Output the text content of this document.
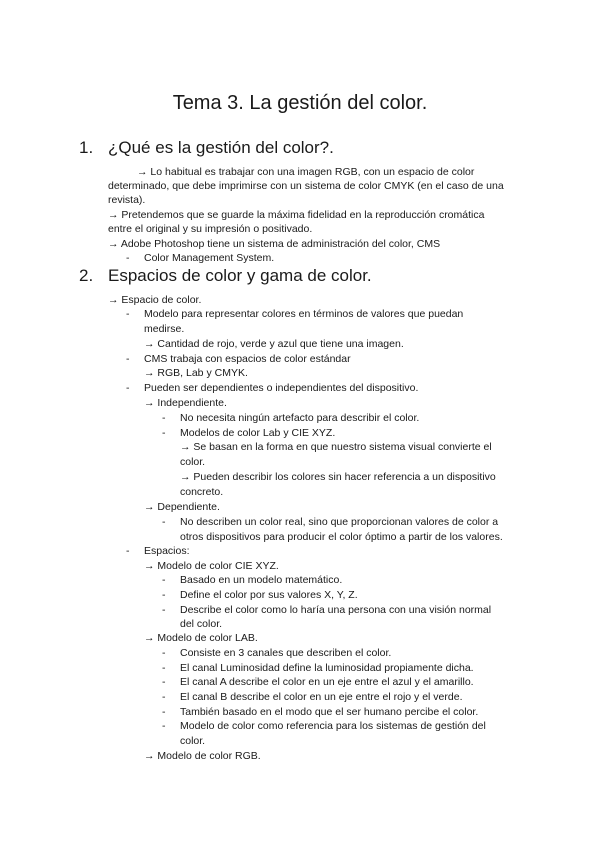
Tema 3. La gestión del color.
1. ¿Qué es la gestión del color?.
→ Lo habitual es trabajar con una imagen RGB, con un espacio de color
determinado, que debe imprimirse con un sistema de color CMYK (en el caso de una
revista).
→ Pretendemos que se guarde la máxima fidelidad en la reproducción cromática
entre el original y su impresión o positivado.
→ Adobe Photoshop tiene un sistema de administración del color, CMS
- Color Management System.
2. Espacios de color y gama de color.
→ Espacio de color.
- Modelo para representar colores en términos de valores que puedan
medirse.
→ Cantidad de rojo, verde y azul que tiene una imagen.
- CMS trabaja con espacios de color estándar
→ RGB, Lab y CMYK.
- Pueden ser dependientes o independientes del dispositivo.
→ Independiente.
- No necesita ningún artefacto para describir el color.
- Modelos de color Lab y CIE XYZ.
→ Se basan en la forma en que nuestro sistema visual convierte el
color.
→ Pueden describir los colores sin hacer referencia a un dispositivo
concreto.
→ Dependiente.
- No describen un color real, sino que proporcionan valores de color a
otros dispositivos para producir el color óptimo a partir de los valores.
- Espacios:
→ Modelo de color CIE XYZ.
- Basado en un modelo matemático.
- Define el color por sus valores X, Y, Z.
- Describe el color como lo haría una persona con una visión normal
del color.
→ Modelo de color LAB.
- Consiste en 3 canales que describen el color.
- El canal Luminosidad define la luminosidad propiamente dicha.
- El canal A describe el color en un eje entre el azul y el amarillo.
- El canal B describe el color en un eje entre el rojo y el verde.
- También basado en el modo que el ser humano percibe el color.
- Modelo de color como referencia para los sistemas de gestión del
color.
→ Modelo de color RGB.
